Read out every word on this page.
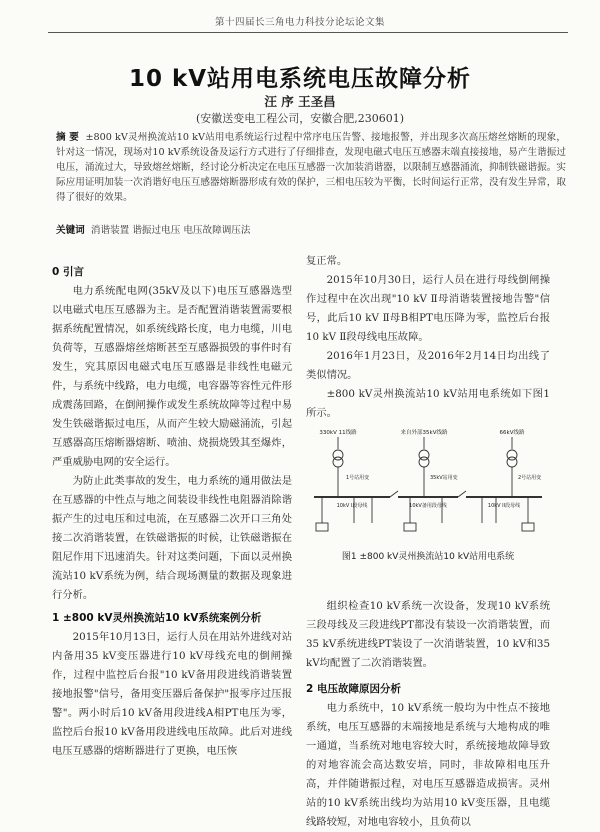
第十四届长三角电力科技分论坛论文集
10 kV站用电系统电压故障分析
汪 序 王圣昌
(安徽送变电工程公司，安徽合肥,230601)
摘 要 ±800 kV灵州换流站10 kV站用电系统运行过程中常序电压告警、接地报警，并出现多次高压熔丝熔断的现象，针对这一情况，现场对10 kV系统设备及运行方式进行了仔细排查，发现电磁式电压互感器末端直接接地，易产生谐振过电压，涌流过大，导致熔丝熔断，经讨论分析决定在电压互感器一次加装消谐器，以限制互感器涌流，抑制铁磁谐振。实际应用证明加装一次消谐好电压互感器熔断器形成有效的保护，三相电压较为平衡，长时间运行正常，没有发生异常，取得了很好的效果。
关键词 消谐装置 谐振过电压 电压故障调压法
0 引言

电力系统配电网(35kV及以下)电压互感器选型以电磁式电压互感器为主。是否配置消谐装置需要根据系统配置情况，如系统线路长度，电力电缆，川电负荷等，互感器熔丝熔断甚至互感器损毁的事件时有发生，究其原因电磁式电压互感器是非线性电磁元件，与系统中线路，电力电缆，电容器等容性元件形成震荡回路，在倒闸操作或发生系统故障等过程中易发生铁磁谐振过电压，从而产生较大励磁涌流，引起互感器高压熔断器熔断、喷油、烧损烧毁其至爆炸，严重威胁电网的安全运行。

为防止此类事故的发生，电力系统的通用做法是在互感器的中性点与地之间装设非线性电阻器消除谐振产生的过电压和过电流，在互感器二次开口三角处接二次消谐装置，在铁磁谐振的时候，让铁磁谐振在阻尼作用下迅速消失。针对这类问题，下面以灵州换流站10 kV系统为例，结合现场测量的数据及现象进行分析。

1 ±800 kV灵州换流站10 kV系统案例分析

2015年10月13日，运行人员在用站外进线对站内备用35 kV变压器进行10 kV母线充电的倒闸操作，过程中监控后台报"10 kV备用段进线消谐装置接地报警"信号，备用变压器后备保护"报零序过压报警"。两小时后10 kV备用段进线A相PT电压为零，监控后台报10 kV备用段进线电压故障。此后对进线电压互感器的熔断器进行了更换，电压恢

复正常。

2015年10月30日，运行人员在进行母线倒闸操作过程中在次出现"10 kV Ⅱ母消谐装置接地告警"信号，此后10 kV Ⅱ母B相PT电压降为零，监控后台报10 kV Ⅱ段母线电压故障。

2016年1月23日，及2016年2月14日均出线了类似情况。

±800 kV灵州换流站10 kV站用电系统如下图1所示。

330kV 11线路	来自外部35kV线路	66kV线路
1号站用变	35kV站用变	2号站用变
10kV I段母线	10kV备用段母线	10kV II段母线
图1 ±800 kV灵州换流站10 kV站用电系统

组织检查10 kV系统一次设备，发现10 kV系统三段母线及三段进线PT都没有装设一次消谐装置，而35 kV系统进线PT装设了一次消谐装置，10 kV和35 kV均配置了二次消谐装置。

2 电压故障原因分析

电力系统中，10 kV系统一般均为中性点不接地系统，电压互感器的末端接地是系统与大地构成的唯一通道，当系统对地电容较大时，系统接地故障导致的对地容流会高达数安培，同时，非故障相电压升高，并伴随谐振过程，对电压互感器造成损害。灵州站的10 kV系统出线均为站用10 kV变压器，且电缆线路较短，对地电容较小，且负荷以
